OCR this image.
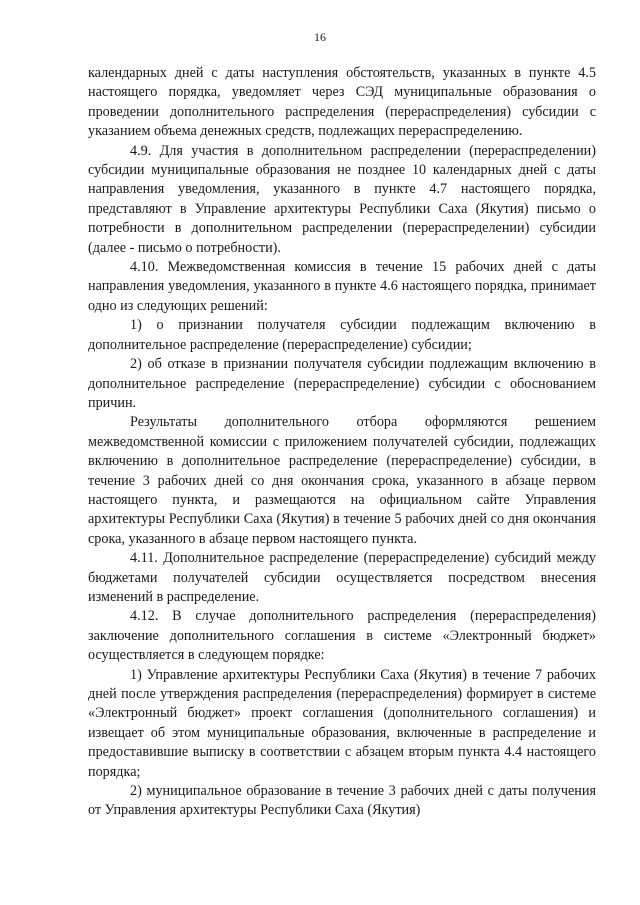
16

календарных дней с даты наступления обстоятельств, указанных в пункте 4.5 настоящего порядка, уведомляет через СЭД муниципальные образования о проведении дополнительного распределения (перераспределения) субсидии с указанием объема денежных средств, подлежащих перераспределению.

4.9. Для участия в дополнительном распределении (перераспределении) субсидии муниципальные образования не позднее 10 календарных дней с даты направления уведомления, указанного в пункте 4.7 настоящего порядка, представляют в Управление архитектуры Республики Саха (Якутия) письмо о потребности в дополнительном распределении (перераспределении) субсидии (далее - письмо о потребности).

4.10. Межведомственная комиссия в течение 15 рабочих дней с даты направления уведомления, указанного в пункте 4.6 настоящего порядка, принимает одно из следующих решений:

1) о признании получателя субсидии подлежащим включению в дополнительное распределение (перераспределение) субсидии;

2) об отказе в признании получателя субсидии подлежащим включению в дополнительное распределение (перераспределение) субсидии с обоснованием причин.

Результаты дополнительного отбора оформляются решением межведомственной комиссии с приложением получателей субсидии, подлежащих включению в дополнительное распределение (перераспределение) субсидии, в течение 3 рабочих дней со дня окончания срока, указанного в абзаце первом настоящего пункта, и размещаются на официальном сайте Управления архитектуры Республики Саха (Якутия) в течение 5 рабочих дней со дня окончания срока, указанного в абзаце первом настоящего пункта.

4.11. Дополнительное распределение (перераспределение) субсидий между бюджетами получателей субсидии осуществляется посредством внесения изменений в распределение.

4.12. В случае дополнительного распределения (перераспределения) заключение дополнительного соглашения в системе «Электронный бюджет» осуществляется в следующем порядке:

1) Управление архитектуры Республики Саха (Якутия) в течение 7 рабочих дней после утверждения распределения (перераспределения) формирует в системе «Электронный бюджет» проект соглашения (дополнительного соглашения) и извещает об этом муниципальные образования, включенные в распределение и предоставившие выписку в соответствии с абзацем вторым пункта 4.4 настоящего порядка;

2) муниципальное образование в течение 3 рабочих дней с даты получения от Управления архитектуры Республики Саха (Якутия)
